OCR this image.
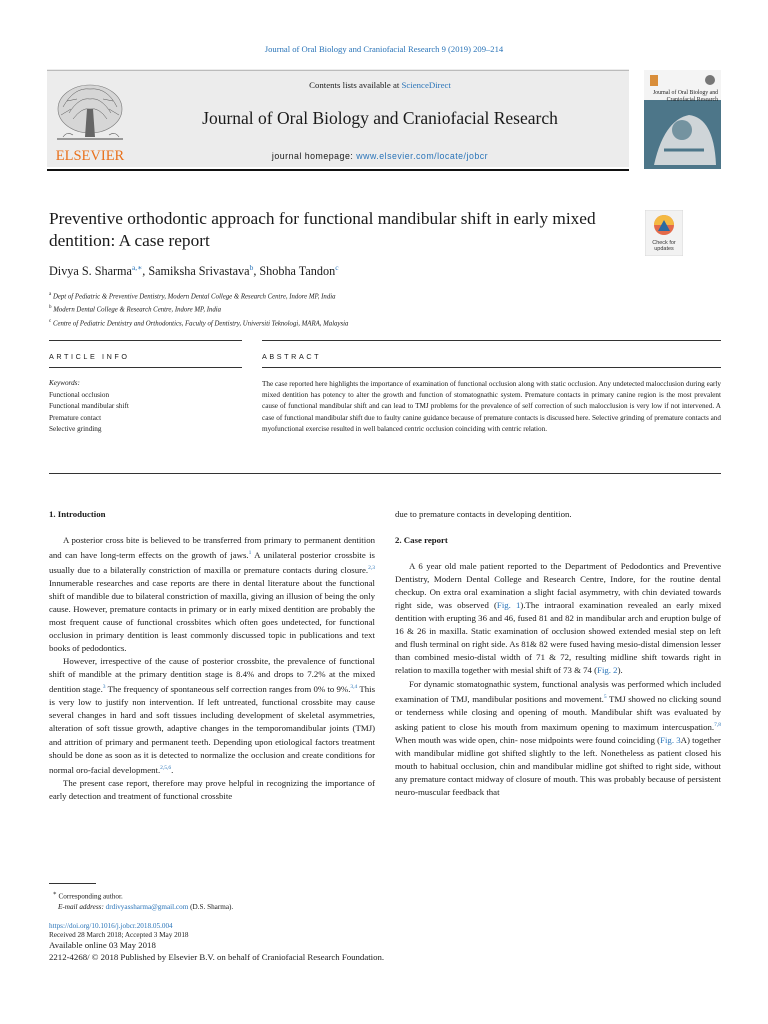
Journal of Oral Biology and Craniofacial Research 9 (2019) 209–214
ELSEVIER
Contents lists available at ScienceDirect
Journal of Oral Biology and Craniofacial Research
journal homepage: www.elsevier.com/locate/jobcr
Journal of Oral Biology and Craniofacial Research
Preventive orthodontic approach for functional mandibular shift in early mixed dentition: A case report	Check for
updates
Divya S. Sharma$^{a,∗}$, Samiksha Srivastava$^b$, Shobha Tandon$^c$
$^a$ Dept of Pediatric & Preventive Dentistry, Modern Dental College & Research Centre, Indore MP, India
$^b$ Modern Dental College & Research Centre, Indore MP, India
$^c$ Centre of Pediatric Dentistry and Orthodontics, Faculty of Dentistry, Universiti Teknologi, MARA, Malaysia
ARTICLE INFO	ABSTRACT
Keywords:
Functional occlusion
Functional mandibular shift
Premature contact
Selective grinding
The case reported here highlights the importance of examination of functional occlusion along with static occlusion. Any undetected malocclusion during early mixed dentition has potency to alter the growth and function of stomatognathic system. Premature contacts in primary canine region is the most prevalent cause of functional mandibular shift and can lead to TMJ problems for the prevalence of self correction of such malocclusion is very low if not intervened. A case of functional mandibular shift due to faulty canine guidance because of premature contacts is discussed here. Selective grinding of premature contacts and myofunctional exercise resulted in well balanced centric occlusion coinciding with centric relation.
1. Introduction

A posterior cross bite is believed to be transferred from primary to permanent dentition and can have long-term effects on the growth of jaws.$^1$ A unilateral posterior crossbite is usually due to a bilaterally constriction of maxilla or premature contacts during closure.$^{2,3}$ Innumerable researches and case reports are there in dental literature about the functional shift of mandible due to bilateral constriction of maxilla, giving an illusion of being the only cause. However, premature contacts in primary or in early mixed dentition are probably the most frequent cause of functional crossbites which often goes undetected, for functional occlusion in primary dentition is least commonly discussed topic in publications and text books of pedodontics.

However, irrespective of the cause of posterior crossbite, the prevalence of functional shift of mandible at the primary dentition stage is 8.4% and drops to 7.2% at the mixed dentition stage.$^3$ The frequency of spontaneous self correction ranges from 0% to 9%.$^{3,4}$ This is very low to justify non intervention. If left untreated, functional crossbite may cause several changes in hard and soft tissues including development of skeletal asymmetries, alteration of soft tissue growth, adaptive changes in the temporomandibular joints (TMJ) and attrition of primary and permanent teeth. Depending upon etiological factors treatment should be done as soon as it is detected to normalize the occlusion and create conditions for normal oro-facial development.$^{2,5,6}$.

The present case report, therefore may prove helpful in recognizing the importance of early detection and treatment of functional crossbite

due to premature contacts in developing dentition.

2. Case report

A 6 year old male patient reported to the Department of Pedodontics and Preventive Dentistry, Modern Dental College and Research Centre, Indore, for the routine dental checkup. On extra oral examination a slight facial asymmetry, with chin deviated towards right side, was observed (Fig. 1).The intraoral examination revealed an early mixed dentition with erupting 36 and 46, fused 81 and 82 in mandibular arch and eruption bulge of 16 & 26 in maxilla. Static examination of occlusion showed extended mesial step on left and flush terminal on right side. As 81& 82 were fused having mesio-distal dimension lesser than combined mesio-distal width of 71 & 72, resulting midline shift towards right in relation to maxilla together with mesial shift of 73 & 74 (Fig. 2).

For dynamic stomatognathic system, functional analysis was performed which included examination of TMJ, mandibular positions and movement.$^5$ TMJ showed no clicking sound or tenderness while closing and opening of mouth. Mandibular shift was evaluated by asking patient to close his mouth from maximum opening to maximum intercuspation.$^{7,8}$ When mouth was wide open, chin- nose midpoints were found coinciding (Fig. 3A) together with mandibular midline got shifted slightly to the left. Nonetheless as patient closed his mouth to habitual occlusion, chin and mandibular midline got shifted to right side, without any premature contact midway of closure of mouth. This was probably because of persistent neuro-muscular feedback that

∗ Corresponding author.
E-mail address: drdivyassharma@gmail.com (D.S. Sharma).
https://doi.org/10.1016/j.jobcr.2018.05.004
Received 28 March 2018; Accepted 3 May 2018
Available online 03 May 2018
2212-4268/ © 2018 Published by Elsevier B.V. on behalf of Craniofacial Research Foundation.
